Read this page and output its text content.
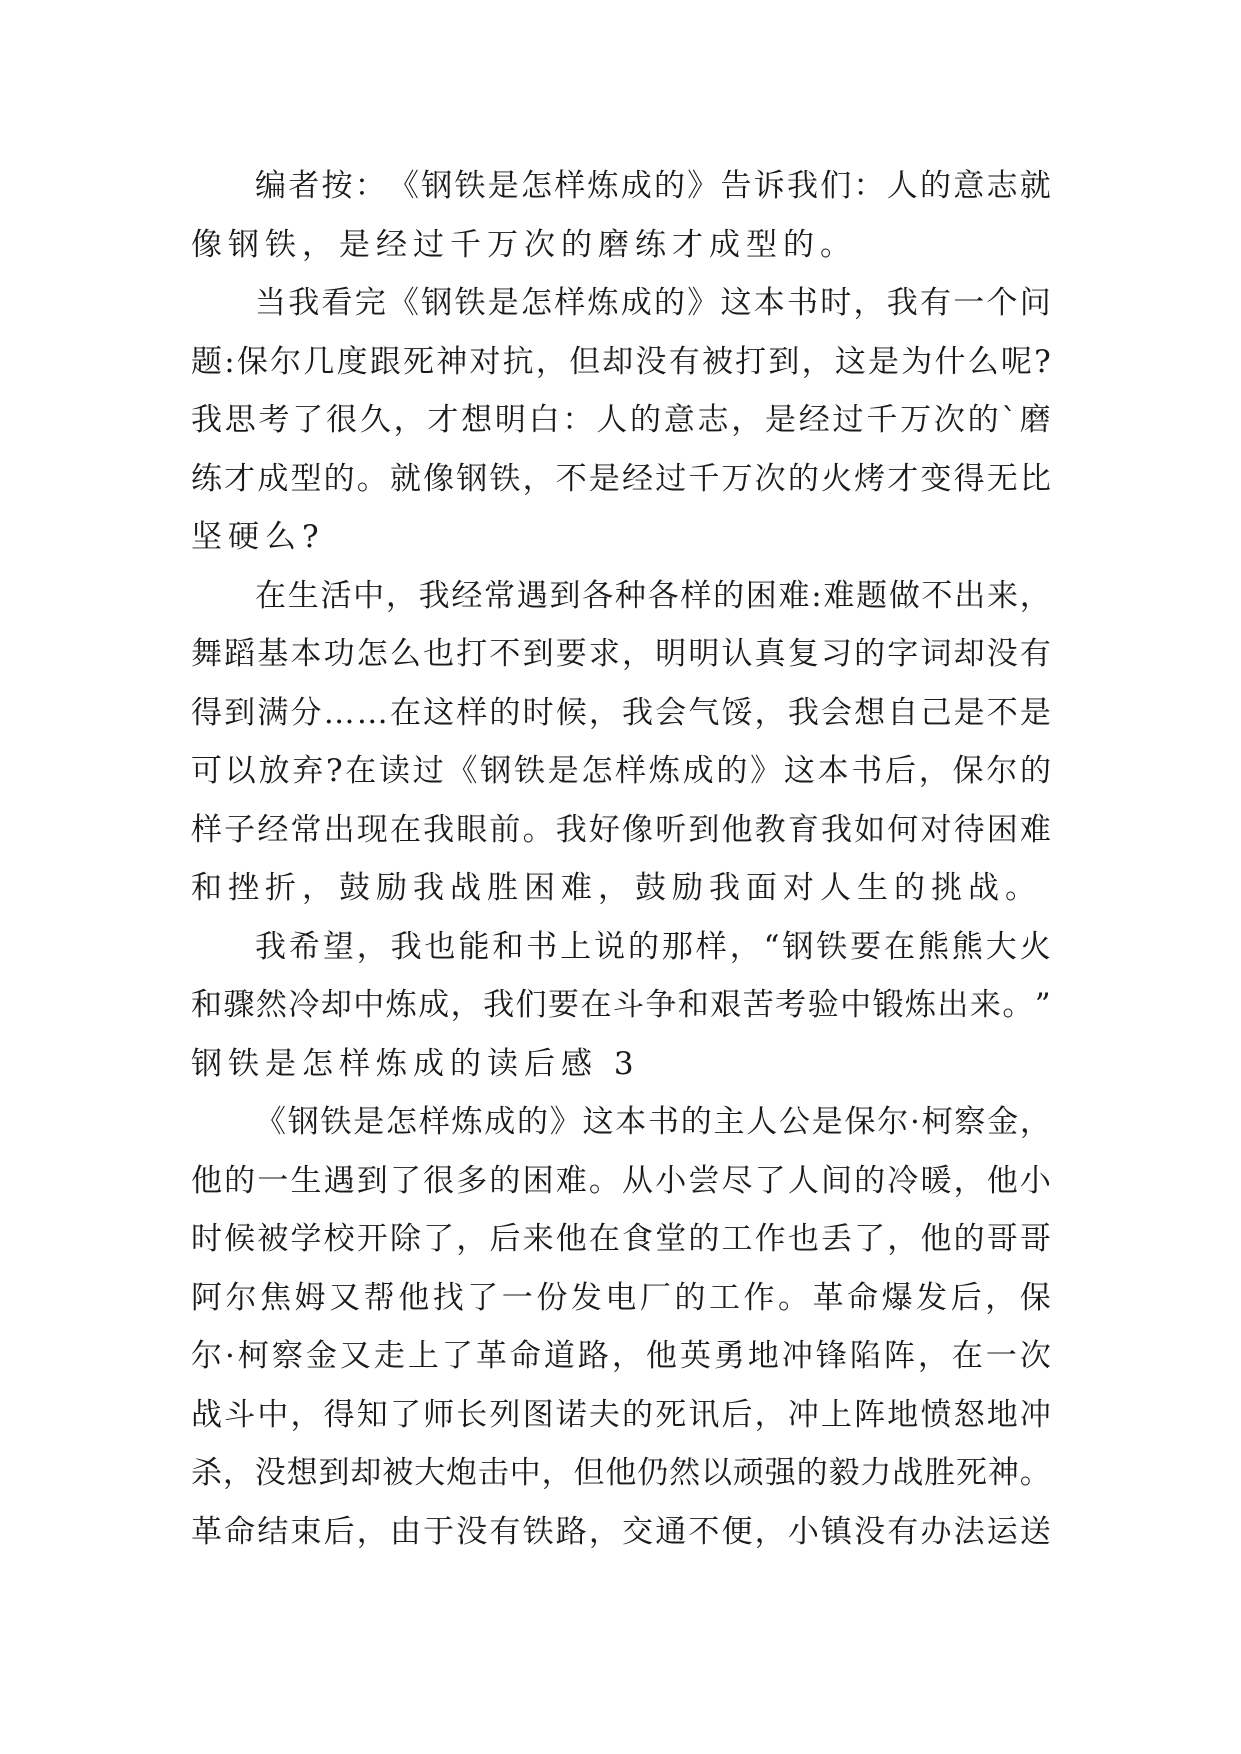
编 者 按 ： 《 钢 铁 是 怎 样 炼 成 的 》 告 诉 我 们 ： 人 的 意 志 就
像钢铁，是经过千万次的磨练才成型的。
当 我 看 完 《 钢 铁 是 怎 样 炼 成 的 》 这 本 书 时 ， 我 有 一 个 问
题 : 保 尔 几 度 跟 死 神 对 抗 ， 但 却 没 有 被 打 到 ， 这 是 为 什 么 呢 ?
我 思 考 了 很 久 ， 才 想 明 白 ： 人 的 意 志 ， 是 经 过 千 万 次 的 ` 磨
练 才 成 型 的 。 就 像 钢 铁 ， 不 是 经 过 千 万 次 的 火 烤 才 变 得 无 比
坚硬么?
在 生 活 中 ， 我 经 常 遇 到 各 种 各 样 的 困 难 : 难 题 做 不 出 来 ，
舞 蹈 基 本 功 怎 么 也 打 不 到 要 求 ， 明 明 认 真 复 习 的 字 词 却 没 有
得 到 满 分 … … 在 这 样 的 时 候 ， 我 会 气 馁 ， 我 会 想 自 己 是 不 是
可 以 放 弃 ? 在 读 过 《 钢 铁 是 怎 样 炼 成 的 》 这 本 书 后 ， 保 尔 的
样 子 经 常 出 现 在 我 眼 前 。 我 好 像 听 到 他 教 育 我 如 何 对 待 困 难
和挫折，鼓励我战胜困难，鼓励我面对人生的挑战。
我 希 望 ， 我 也 能 和 书 上 说 的 那 样 ， “ 钢 铁 要 在 熊 熊 大 火
和 骤 然 冷 却 中 炼 成 ， 我 们 要 在 斗 争 和 艰 苦 考 验 中 锻 炼 出 来 。 ”
钢铁是怎样炼成的读后感 3
《 钢 铁 是 怎 样 炼 成 的 》 这 本 书 的 主 人 公 是 保 尔 · 柯 察 金 ，
他 的 一 生 遇 到 了 很 多 的 困 难 。 从 小 尝 尽 了 人 间 的 冷 暖 ， 他 小
时 候 被 学 校 开 除 了 ， 后 来 他 在 食 堂 的 工 作 也 丢 了 ， 他 的 哥 哥
阿 尔 焦 姆 又 帮 他 找 了 一 份 发 电 厂 的 工 作 。 革 命 爆 发 后 ， 保
尔 · 柯 察 金 又 走 上 了 革 命 道 路 ， 他 英 勇 地 冲 锋 陷 阵 ， 在 一 次
战 斗 中 ， 得 知 了 师 长 列 图 诺 夫 的 死 讯 后 ， 冲 上 阵 地 愤 怒 地 冲
杀 ， 没 想 到 却 被 大 炮 击 中 ， 但 他 仍 然 以 顽 强 的 毅 力 战 胜 死 神 。
革 命 结 束 后 ， 由 于 没 有 铁 路 ， 交 通 不 便 ， 小 镇 没 有 办 法 运 送
